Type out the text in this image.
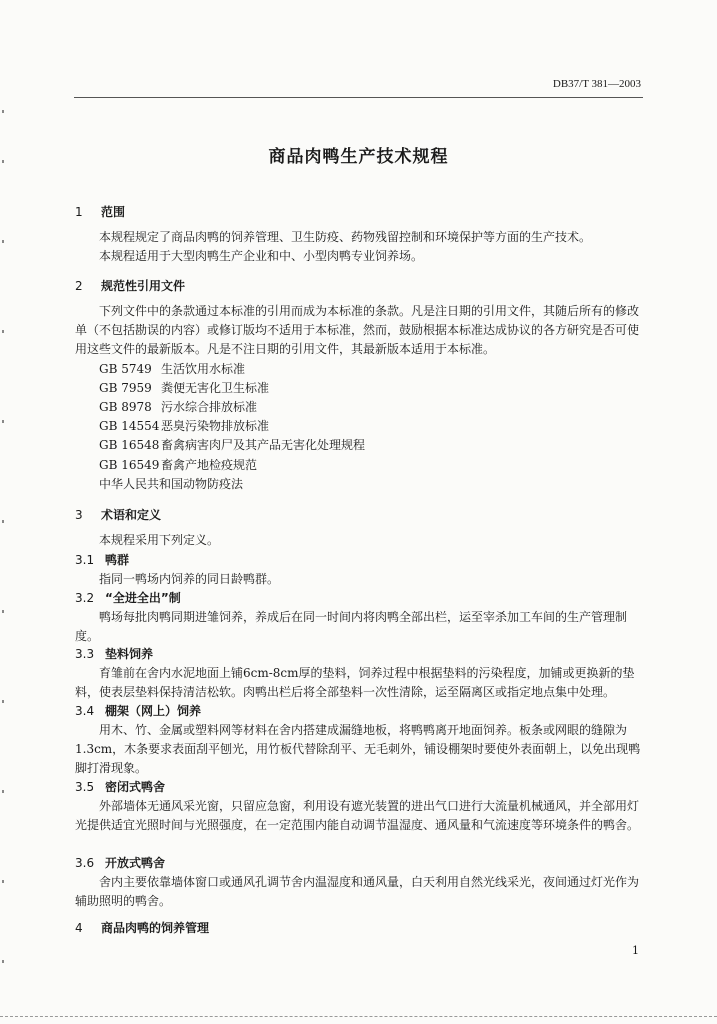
DB37/T 381—2003
商品肉鸭生产技术规程
1 范围

本规程规定了商品肉鸭的饲养管理、卫生防疫、药物残留控制和环境保护等方面的生产技术。

本规程适用于大型肉鸭生产企业和中、小型肉鸭专业饲养场。

2 规范性引用文件

下列文件中的条款通过本标准的引用而成为本标准的条款。凡是注日期的引用文件，其随后所有的修改单（不包括勘误的内容）或修订版均不适用于本标准，然而，鼓励根据本标准达成协议的各方研究是否可使用这些文件的最新版本。凡是不注日期的引用文件，其最新版本适用于本标准。

GB 5749 生活饮用水标准

GB 7959 粪便无害化卫生标准

GB 8978 污水综合排放标准

GB 14554 恶臭污染物排放标准

GB 16548 畜禽病害肉尸及其产品无害化处理规程

GB 16549 畜禽产地检疫规范

中华人民共和国动物防疫法

3 术语和定义

本规程采用下列定义。

3.1 鸭群

指同一鸭场内饲养的同日龄鸭群。

3.2 “全进全出”制

鸭场每批肉鸭同期进雏饲养，养成后在同一时间内将肉鸭全部出栏，运至宰杀加工车间的生产管理制度。

3.3 垫料饲养

育雏前在舍内水泥地面上铺6cm-8cm厚的垫料，饲养过程中根据垫料的污染程度，加铺或更换新的垫料，使表层垫料保持清洁松软。肉鸭出栏后将全部垫料一次性清除，运至隔离区或指定地点集中处理。

3.4 棚架（网上）饲养

用木、竹、金属或塑料网等材料在舍内搭建成漏缝地板，将鸭鸭离开地面饲养。板条或网眼的缝隙为1.3cm，木条要求表面刮平刨光，用竹板代替除刮平、无毛刺外，铺设棚架时要使外表面朝上，以免出现鸭脚打滑现象。

3.5 密闭式鸭舍

外部墙体无通风采光窗，只留应急窗，利用设有遮光装置的进出气口进行大流量机械通风，并全部用灯光提供适宜光照时间与光照强度，在一定范围内能自动调节温湿度、通风量和气流速度等环境条件的鸭舍。

3.6 开放式鸭舍

舍内主要依靠墙体窗口或通风孔调节舍内温湿度和通风量，白天利用自然光线采光，夜间通过灯光作为辅助照明的鸭舍。

4 商品肉鸭的饲养管理
1
